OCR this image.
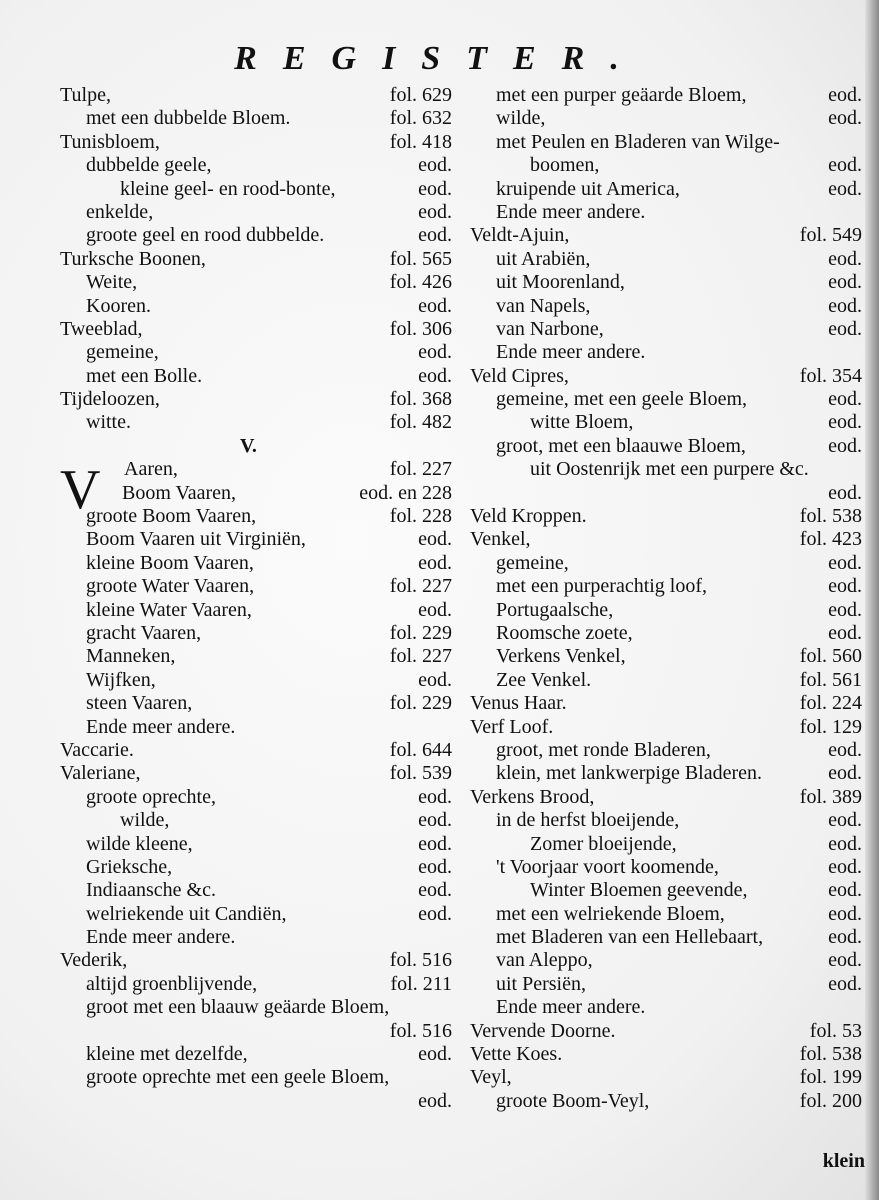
REGISTER.
Tulpe,	fol. 629
met een dubbelde Bloem.	fol. 632
Tunisbloem,	fol. 418
dubbelde geele,	eod.
kleine geel- en rood-bonte,	eod.
enkelde,	eod.
groote geel en rood dubbelde.	eod.
Turksche Boonen,	fol. 565
Weite,	fol. 426
Kooren.	eod.
Tweeblad,	fol. 306
gemeine,	eod.
met een Bolle.	eod.
Tijdeloozen,	fol. 368
witte.	fol. 482
V.
Aaren,	fol. 227
Boom Vaaren,	eod. en 228
groote Boom Vaaren,	fol. 228
Boom Vaaren uit Virginiën,	eod.
kleine Boom Vaaren,	eod.
groote Water Vaaren,	fol. 227
kleine Water Vaaren,	eod.
gracht Vaaren,	fol. 229
Manneken,	fol. 227
Wijfken,	eod.
steen Vaaren,	fol. 229
Ende meer andere.
Vaccarie.	fol. 644
Valeriane,	fol. 539
groote oprechte,	eod.
wilde,	eod.
wilde kleene,	eod.
Grieksche,	eod.
Indiaansche &c.	eod.
welriekende uit Candiën,	eod.
Ende meer andere.
Vederik,	fol. 516
altijd groenblijvende,	fol. 211
groot met een blaauw geäarde Bloem,
fol. 516
kleine met dezelfde,	eod.
groote oprechte met een geele Bloem,
eod.
met een purper geäarde Bloem,	eod.
wilde,	eod.
met Peulen en Bladeren van Wilge-
boomen,	eod.
kruipende uit America,	eod.
Ende meer andere.
Veldt-Ajuin,	fol. 549
uit Arabiën,	eod.
uit Moorenland,	eod.
van Napels,	eod.
van Narbone,	eod.
Ende meer andere.
Veld Cipres,	fol. 354
gemeine, met een geele Bloem,	eod.
witte Bloem,	eod.
groot, met een blaauwe Bloem,	eod.
uit Oostenrijk met een purpere &c.
eod.
Veld Kroppen.	fol. 538
Venkel,	fol. 423
gemeine,	eod.
met een purperachtig loof,	eod.
Portugaalsche,	eod.
Roomsche zoete,	eod.
Verkens Venkel,	fol. 560
Zee Venkel.	fol. 561
Venus Haar.	fol. 224
Verf Loof.	fol. 129
groot, met ronde Bladeren,	eod.
klein, met lankwerpige Bladeren.	eod.
Verkens Brood,	fol. 389
in de herfst bloeijende,	eod.
Zomer bloeijende,	eod.
't Voorjaar voort koomende,	eod.
Winter Bloemen geevende,	eod.
met een welriekende Bloem,	eod.
met Bladeren van een Hellebaart,	eod.
van Aleppo,	eod.
uit Persiën,	eod.
Ende meer andere.
Vervende Doorne.	fol. 53
Vette Koes.	fol. 538
Veyl,	fol. 199
groote Boom-Veyl,	fol. 200
V
klein
